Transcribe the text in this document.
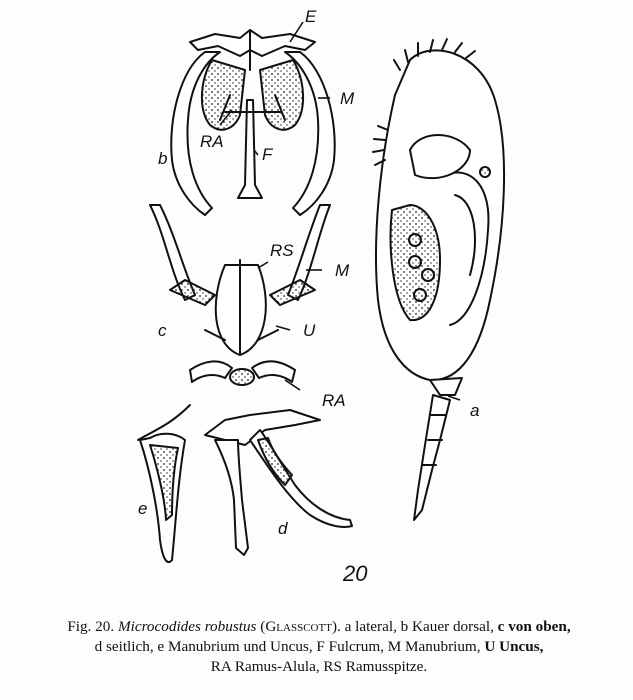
E
M
RA
F
b
RS
M
c	U
RA
a
e
d
20
Fig. 20. Microcodides robustus (Glasscott). a lateral, b Kauer dorsal, c von oben,
d seitlich, e Manubrium und Uncus, F Fulcrum, M Manubrium, U Uncus,
RA Ramus-Alula, RS Ramusspitze.
